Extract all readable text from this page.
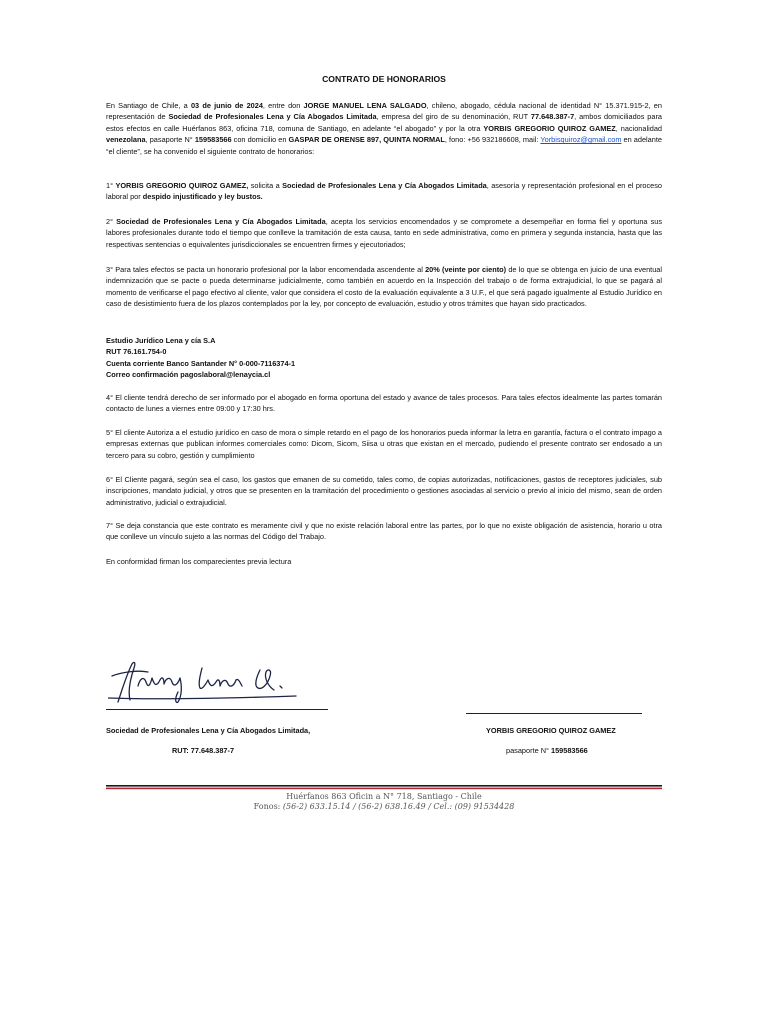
CONTRATO DE HONORARIOS

En Santiago de Chile, a 03 de junio de 2024, entre don JORGE MANUEL LENA SALGADO, chileno, abogado, cédula nacional de identidad N° 15.371.915-2, en representación de Sociedad de Profesionales Lena y Cía Abogados Limitada, empresa del giro de su denominación, RUT 77.648.387-7, ambos domiciliados para estos efectos en calle Huérfanos 863, oficina 718, comuna de Santiago, en adelante “el abogado” y por la otra YORBIS GREGORIO QUIROZ GAMEZ, nacionalidad venezolana, pasaporte N° 159583566 con domicilio en GASPAR DE ORENSE 897, QUINTA NORMAL, fono: +56 932186608, mail: Yorbisquiroz@gmail.com en adelante “el cliente”, se ha convenido el siguiente contrato de honorarios:

1° YORBIS GREGORIO QUIROZ GAMEZ, solicita a Sociedad de Profesionales Lena y Cía Abogados Limitada, asesoría y representación profesional en el proceso laboral por despido injustificado y ley bustos.

2° Sociedad de Profesionales Lena y Cía Abogados Limitada, acepta los servicios encomendados y se compromete a desempeñar en forma fiel y oportuna sus labores profesionales durante todo el tiempo que conlleve la tramitación de esta causa, tanto en sede administrativa, como en primera y segunda instancia, hasta que las respectivas sentencias o equivalentes jurisdiccionales se encuentren firmes y ejecutoriados;

3° Para tales efectos se pacta un honorario profesional por la labor encomendada ascendente al 20% (veinte por ciento) de lo que se obtenga en juicio de una eventual indemnización que se pacte o pueda determinarse judicialmente, como también en acuerdo en la Inspección del trabajo o de forma extrajudicial, lo que se pagará al momento de verificarse el pago efectivo al cliente, valor que considera el costo de la evaluación equivalente a 3 U.F., el que será pagado igualmente al Estudio Jurídico en caso de desistimiento fuera de los plazos contemplados por la ley, por concepto de evaluación, estudio y otros trámites que hayan sido practicados.

Estudio Jurídico Lena y cía S.A
RUT 76.161.754-0
Cuenta corriente Banco Santander N° 0-000-7116374-1
Correo confirmación pagoslaboral@lenaycia.cl

4° El cliente tendrá derecho de ser informado por el abogado en forma oportuna del estado y avance de tales procesos. Para tales efectos idealmente las partes tomarán contacto de lunes a viernes entre 09:00 y 17:30 hrs.

5° El cliente Autoriza a el estudio jurídico en caso de mora o simple retardo en el pago de los honorarios pueda informar la letra en garantía, factura o el contrato impago a empresas externas que publican informes comerciales como: Dicom, Sicom, Siisa u otras que existan en el mercado, pudiendo el presente contrato ser endosado a un tercero para su cobro, gestión y cumplimiento

6° El Cliente pagará, según sea el caso, los gastos que emanen de su cometido, tales como, de copias autorizadas, notificaciones, gastos de receptores judiciales, sub inscripciones, mandato judicial, y otros que se presenten en la tramitación del procedimiento o gestiones asociadas al servicio o previo al inicio del mismo, sean de orden administrativo, judicial o extrajudicial.

7° Se deja constancia que este contrato es meramente civil y que no existe relación laboral entre las partes, por lo que no existe obligación de asistencia, horario u otra que conlleve un vínculo sujeto a las normas del Código del Trabajo.

En conformidad firman los comparecientes previa lectura

Sociedad de Profesionales Lena y Cía Abogados Limitada,
RUT: 77.648.387-7
YORBIS GREGORIO QUIROZ GAMEZ
pasaporte N° 159583566
Huérfanos 863 Oficin a N° 718, Santiago - Chile
Fonos: (56-2) 633.15.14 / (56-2) 638.16.49 / Cel.: (09) 91534428
